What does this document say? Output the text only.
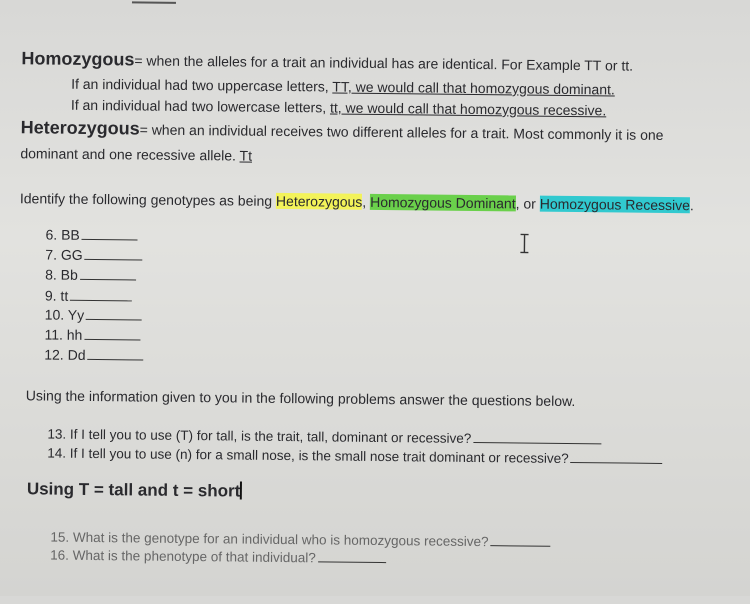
Homozygous= when the alleles for a trait an individual has are identical. For Example TT or tt.
If an individual had two uppercase letters, TT, we would call that homozygous dominant.
If an individual had two lowercase letters, tt, we would call that homozygous recessive.
Heterozygous= when an individual receives two different alleles for a trait. Most commonly it is one
dominant and one recessive allele. Tt
Identify the following genotypes as being Heterozygous, Homozygous Dominant, or Homozygous Recessive.
6. BB
7. GG
8. Bb
9. tt
10. Yy
11. hh
12. Dd
Using the information given to you in the following problems answer the questions below.
13. If I tell you to use (T) for tall, is the trait, tall, dominant or recessive?
14. If I tell you to use (n) for a small nose, is the small nose trait dominant or recessive?
Using T = tall and t = short
15. What is the genotype for an individual who is homozygous recessive?
16. What is the phenotype of that individual?
